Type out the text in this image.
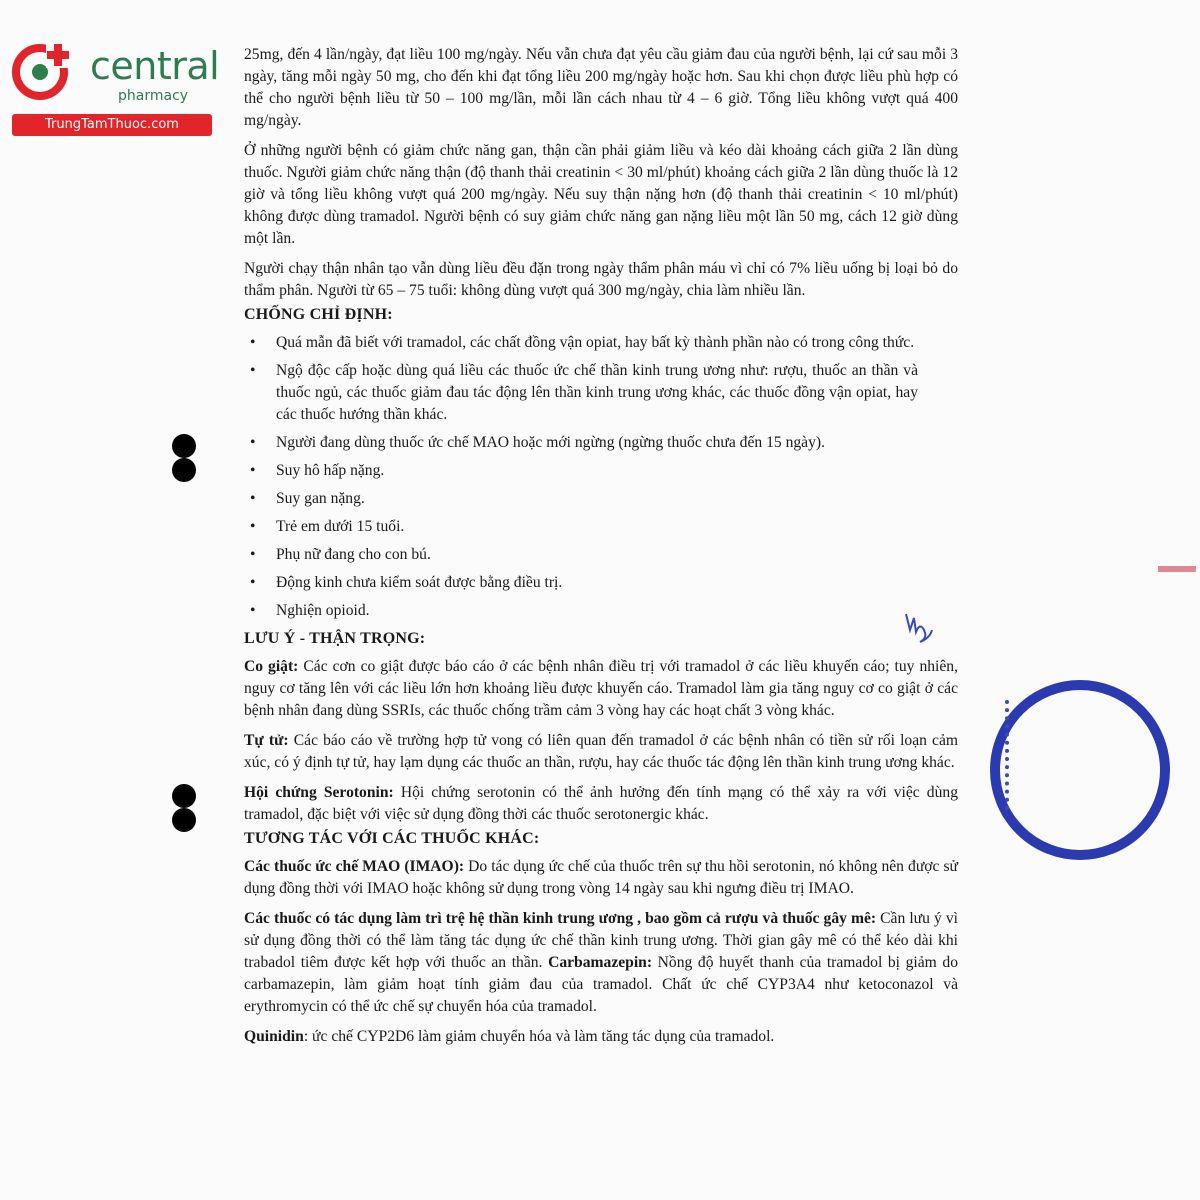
central
pharmacy
TrungTamThuoc.com

25mg, đến 4 lần/ngày, đạt liều 100 mg/ngày. Nếu vẫn chưa đạt yêu cầu giảm đau của người bệnh, lại cứ sau mỗi 3 ngày, tăng mỗi ngày 50 mg, cho đến khi đạt tổng liều 200 mg/ngày hoặc hơn. Sau khi chọn được liều phù hợp có thể cho người bệnh liều từ 50 – 100 mg/lần, mỗi lần cách nhau từ 4 – 6 giờ. Tổng liều không vượt quá 400 mg/ngày.

Ở những người bệnh có giảm chức năng gan, thận cần phải giảm liều và kéo dài khoảng cách giữa 2 lần dùng thuốc. Người giảm chức năng thận (độ thanh thải creatinin < 30 ml/phút) khoảng cách giữa 2 lần dùng thuốc là 12 giờ và tổng liều không vượt quá 200 mg/ngày. Nếu suy thận nặng hơn (độ thanh thải creatinin < 10 ml/phút) không được dùng tramadol. Người bệnh có suy giảm chức năng gan nặng liều một lần 50 mg, cách 12 giờ dùng một lần.

Người chạy thận nhân tạo vẫn dùng liều đều đặn trong ngày thẩm phân máu vì chỉ có 7% liều uống bị loại bỏ do thẩm phân. Người từ 65 – 75 tuổi: không dùng vượt quá 300 mg/ngày, chia làm nhiều lần.

CHỐNG CHỈ ĐỊNH:
• Quá mẫn đã biết với tramadol, các chất đồng vận opiat, hay bất kỳ thành phần nào có trong công thức.
• Ngộ độc cấp hoặc dùng quá liều các thuốc ức chế thần kinh trung ương như: rượu, thuốc an thần và thuốc ngủ, các thuốc giảm đau tác động lên thần kinh trung ương khác, các thuốc đồng vận opiat, hay các thuốc hướng thần khác.
• Người đang dùng thuốc ức chế MAO hoặc mới ngừng (ngừng thuốc chưa đến 15 ngày).
• Suy hô hấp nặng.
• Suy gan nặng.
• Trẻ em dưới 15 tuổi.
• Phụ nữ đang cho con bú.
• Động kinh chưa kiểm soát được bằng điều trị.
• Nghiện opioid.
LƯU Ý - THẬN TRỌNG:

Co giật: Các cơn co giật được báo cáo ở các bệnh nhân điều trị với tramadol ở các liều khuyến cáo; tuy nhiên, nguy cơ tăng lên với các liều lớn hơn khoảng liều được khuyến cáo. Tramadol làm gia tăng nguy cơ co giật ở các bệnh nhân đang dùng SSRIs, các thuốc chống trầm cảm 3 vòng hay các hoạt chất 3 vòng khác.

Tự tử: Các báo cáo về trường hợp tử vong có liên quan đến tramadol ở các bệnh nhân có tiền sử rối loạn cảm xúc, có ý định tự tử, hay lạm dụng các thuốc an thần, rượu, hay các thuốc tác động lên thần kinh trung ương khác.

Hội chứng Serotonin: Hội chứng serotonin có thể ảnh hưởng đến tính mạng có thể xảy ra với việc dùng tramadol, đặc biệt với việc sử dụng đồng thời các thuốc serotonergic khác.

TƯƠNG TÁC VỚI CÁC THUỐC KHÁC:

Các thuốc ức chế MAO (IMAO): Do tác dụng ức chế của thuốc trên sự thu hồi serotonin, nó không nên được sử dụng đồng thời với IMAO hoặc không sử dụng trong vòng 14 ngày sau khi ngưng điều trị IMAO.

Các thuốc có tác dụng làm trì trệ hệ thần kinh trung ương , bao gồm cả rượu và thuốc gây mê: Cần lưu ý vì sử dụng đồng thời có thể làm tăng tác dụng ức chế thần kinh trung ương. Thời gian gây mê có thể kéo dài khi trabadol tiêm được kết hợp với thuốc an thần. Carbamazepin: Nồng độ huyết thanh của tramadol bị giảm do carbamazepin, làm giảm hoạt tính giảm đau của tramadol. Chất ức chế CYP3A4 như ketoconazol và erythromycin có thể ức chế sự chuyển hóa của tramadol.

Quinidin: ức chế CYP2D6 làm giảm chuyển hóa và làm tăng tác dụng của tramadol.
